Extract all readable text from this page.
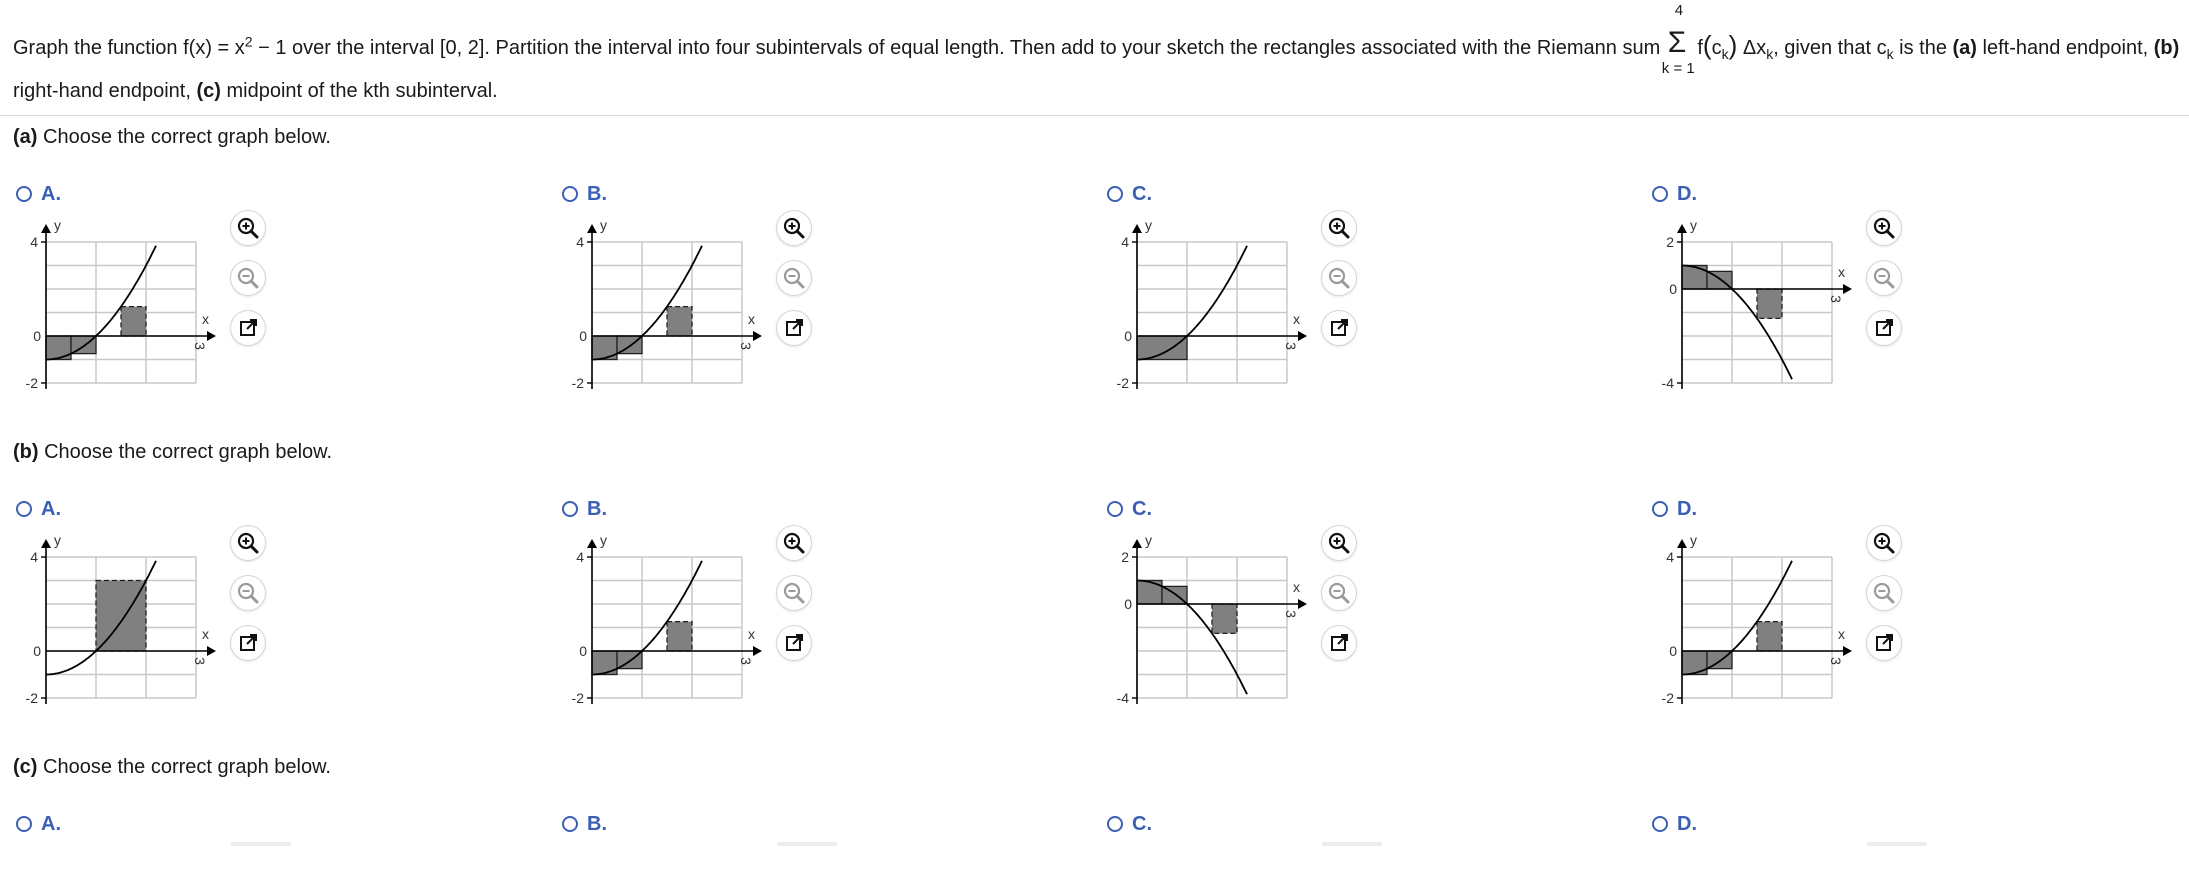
Graph the function $f(x) = x^2 - 1$ over the interval [0, 2]. Partition the interval into four subintervals of equal length. Then add to your sketch the rectangles associated with the Riemann sum
4
Σ
k = 1
$f(c_k)$ $\Delta x_k$, given that $c_k$ is the (a) left-hand endpoint, (b)
right-hand endpoint, (c) midpoint of the kth subinterval.
(a) Choose the correct graph below.
(b) Choose the correct graph below.
(c) Choose the correct graph below.
A.
y
x
4
-2
0
3
B.
y
x
4
-2
0
3
C.
y
x
4
-2
0
3
D.
y
x
2
-4
0
3
A.
y
x
4
-2
0
3
B.
y
x
4
-2
0
3
C.
y
x
2
-4
0
3
D.
y
x
4
-2
0
3
A.	B.	C.	D.
